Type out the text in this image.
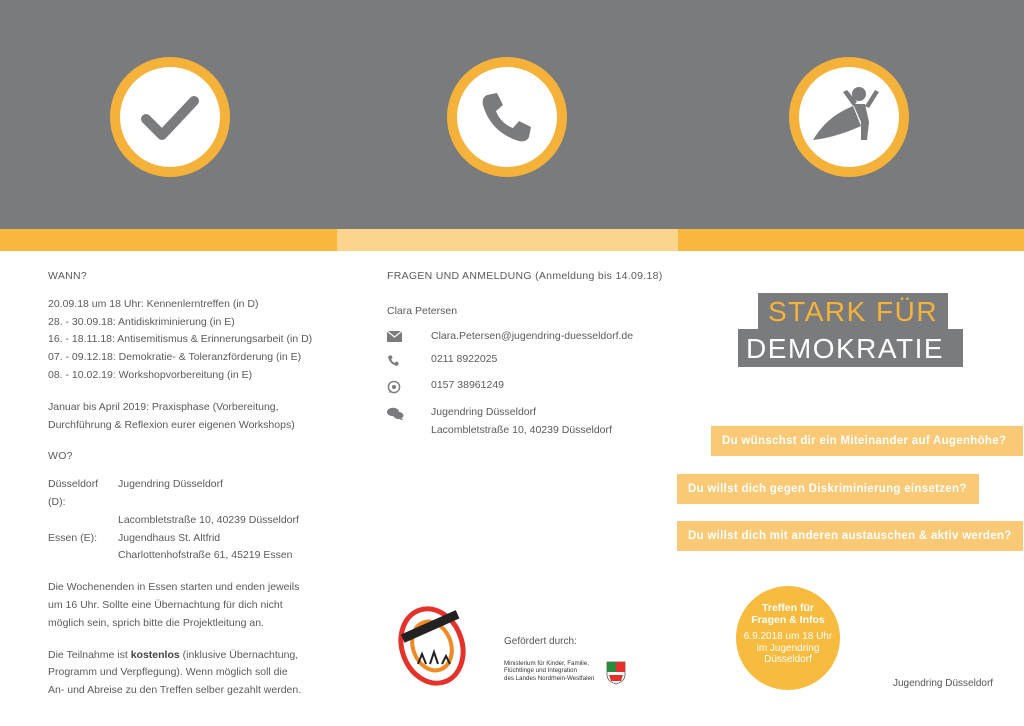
WANN?
20.09.18 um 18 Uhr: Kennenlerntreffen (in D)
28. - 30.09.18: Antidiskriminierung (in E)
16. - 18.11.18: Antisemitismus & Erinnerungsarbeit (in D)
07. - 09.12.18: Demokratie- & Toleranzförderung (in E)
08. - 10.02.19: Workshopvorbereitung (in E)
Januar bis April 2019: Praxisphase (Vorbereitung,
Durchführung & Reflexion eurer eigenen Workshops)
WO?
Düsseldorf (D):
Jugendring Düsseldorf
Lacombletstraße 10, 40239 Düsseldorf
Essen (E):	Jugendhaus St. Altfrid
Charlottenhofstraße 61, 45219 Essen
Die Wochenenden in Essen starten und enden jeweils
um 16 Uhr. Sollte eine Übernachtung für dich nicht
möglich sein, sprich bitte die Projektleitung an.
Die Teilnahme ist kostenlos (inklusive Übernachtung,
Programm und Verpflegung). Wenn möglich soll die
An- und Abreise zu den Treffen selber gezahlt werden.
FRAGEN UND ANMELDUNG (Anmeldung bis 14.09.18)
Clara Petersen
Clara.Petersen@jugendring-duesseldorf.de
0211 8922025
0157 38961249
Jugendring Düsseldorf
Lacombletstraße 10, 40239 Düsseldorf
Gefördert durch:
Ministerium für Kinder, Familie,
Flüchtlinge und Integration
des Landes Nordrhein-Westfalen
STARK FÜR
DEMOKRATIE
Du wünschst dir ein Miteinander auf Augenhöhe?
Du willst dich gegen Diskriminierung einsetzen?
Du willst dich mit anderen austauschen & aktiv werden?
Treffen für
Fragen & Infos
6.9.2018 um 18 Uhr
im Jugendring
Düsseldorf
Jugendring Düsseldorf
